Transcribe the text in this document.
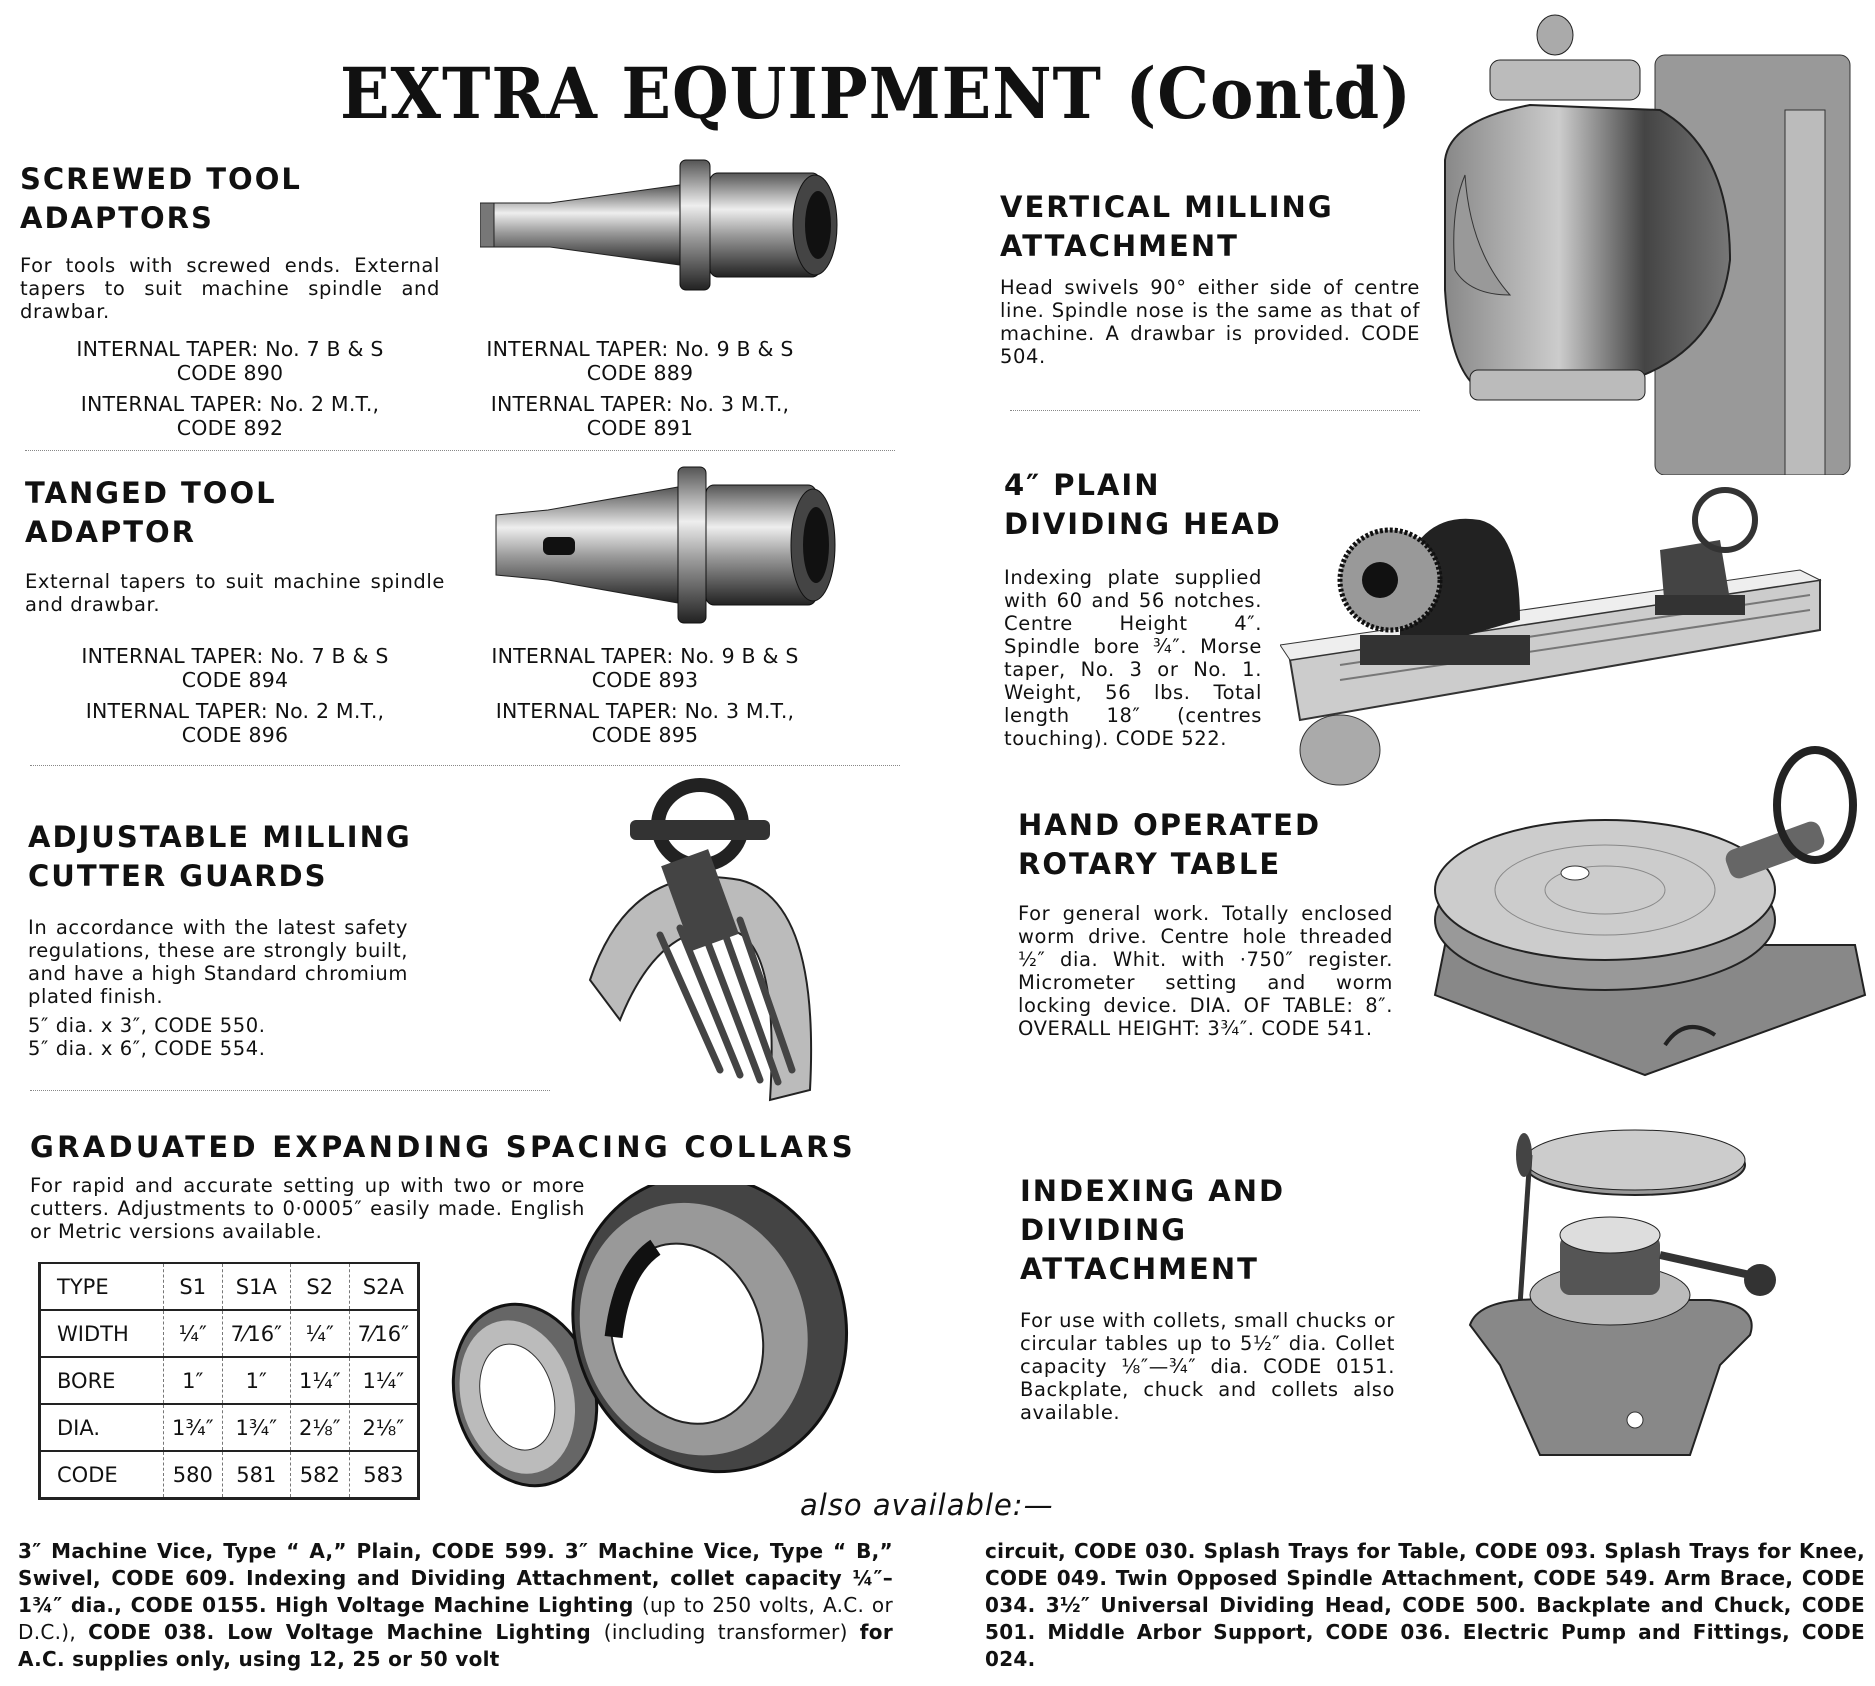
EXTRA EQUIPMENT (Contd)
SCREWED TOOL
ADAPTORS
For tools with screwed ends. External tapers to suit machine spindle and drawbar.
INTERNAL TAPER: No. 7 B & S
CODE 890
INTERNAL TAPER: No. 9 B & S
CODE 889
INTERNAL TAPER: No. 2 M.T.,
CODE 892
INTERNAL TAPER: No. 3 M.T.,
CODE 891
TANGED TOOL
ADAPTOR
External tapers to suit machine spindle and drawbar.
INTERNAL TAPER: No. 7 B & S
CODE 894
INTERNAL TAPER: No. 9 B & S
CODE 893
INTERNAL TAPER: No. 2 M.T.,
CODE 896
INTERNAL TAPER: No. 3 M.T.,
CODE 895
ADJUSTABLE MILLING
CUTTER GUARDS
In accordance with the latest safety regulations, these are strongly built, and have a high Standard chromium plated finish.
5″ dia. x 3″, CODE 550.
5″ dia. x 6″, CODE 554.
GRADUATED EXPANDING SPACING COLLARS
For rapid and accurate setting up with two or more cutters. Adjustments to 0·0005″ easily made. English or Metric versions available.
TYPE	S1	S1A	S2	S2A
WIDTH	¼″	7⁄16″	¼″	7⁄16″
BORE	1″	1″	1¼″	1¼″
DIA.	1¾″	1¾″	2⅛″	2⅛″
CODE	580	581	582	583
VERTICAL MILLING
ATTACHMENT
Head swivels 90° either side of centre line. Spindle nose is the same as that of machine. A drawbar is provided. CODE 504.
4″ PLAIN
DIVIDING HEAD
Indexing plate supplied with 60 and 56 notches. Centre Height 4″. Spindle bore ¾″. Morse taper, No. 3 or No. 1. Weight, 56 lbs. Total length 18″ (centres touching). CODE 522.
HAND OPERATED
ROTARY TABLE
For general work. Totally enclosed worm drive. Centre hole threaded ½″ dia. Whit. with ·750″ register. Micrometer setting and worm locking device. DIA. OF TABLE: 8″. OVERALL HEIGHT: 3¾″. CODE 541.
INDEXING AND
DIVIDING
ATTACHMENT
For use with collets, small chucks or circular tables up to 5½″ dia. Collet capacity ⅛″—¾″ dia. CODE 0151. Backplate, chuck and collets also available.
also available:—
3″ Machine Vice, Type “ A,” Plain, CODE 599. 3″ Machine Vice, Type “ B,” Swivel, CODE 609. Indexing and Dividing Attachment, collet capacity ¼″–1¾″ dia., CODE 0155. High Voltage Machine Lighting (up to 250 volts, A.C. or D.C.), CODE 038. Low Voltage Machine Lighting (including transformer) for A.C. supplies only, using 12, 25 or 50 volt
circuit, CODE 030. Splash Trays for Table, CODE 093. Splash Trays for Knee, CODE 049. Twin Opposed Spindle Attachment, CODE 549. Arm Brace, CODE 034. 3½″ Universal Dividing Head, CODE 500. Backplate and Chuck, CODE 501. Middle Arbor Support, CODE 036. Electric Pump and Fittings, CODE 024.
